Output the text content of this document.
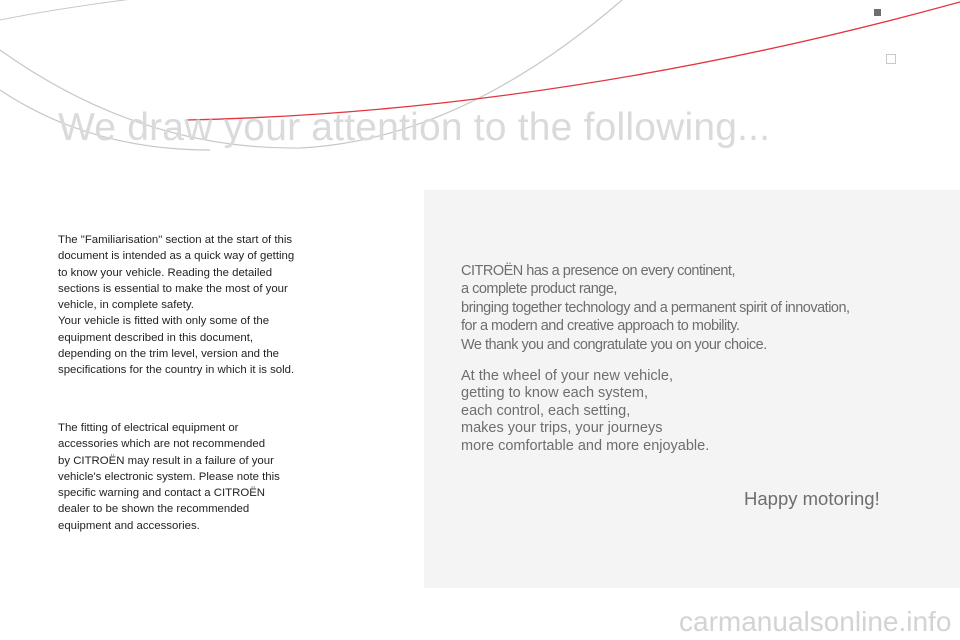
We draw your attention to the following...

The "Familiarisation" section at the start of this
document is intended as a quick way of getting
to know your vehicle. Reading the detailed
sections is essential to make the most of your
vehicle, in complete safety.
Your vehicle is fitted with only some of the
equipment described in this document,
depending on the trim level, version and the
specifications for the country in which it is sold.

The fitting of electrical equipment or
accessories which are not recommended
by CITROËN may result in a failure of your
vehicle's electronic system. Please note this
specific warning and contact a CITROËN
dealer to be shown the recommended
equipment and accessories.

CITROËN has a presence on every continent,
a complete product range,
bringing together technology and a permanent spirit of innovation,
for a modern and creative approach to mobility.
We thank you and congratulate you on your choice.

At the wheel of your new vehicle,
getting to know each system,
each control, each setting,
makes your trips, your journeys
more comfortable and more enjoyable.

Happy motoring!

carmanualsonline.info
